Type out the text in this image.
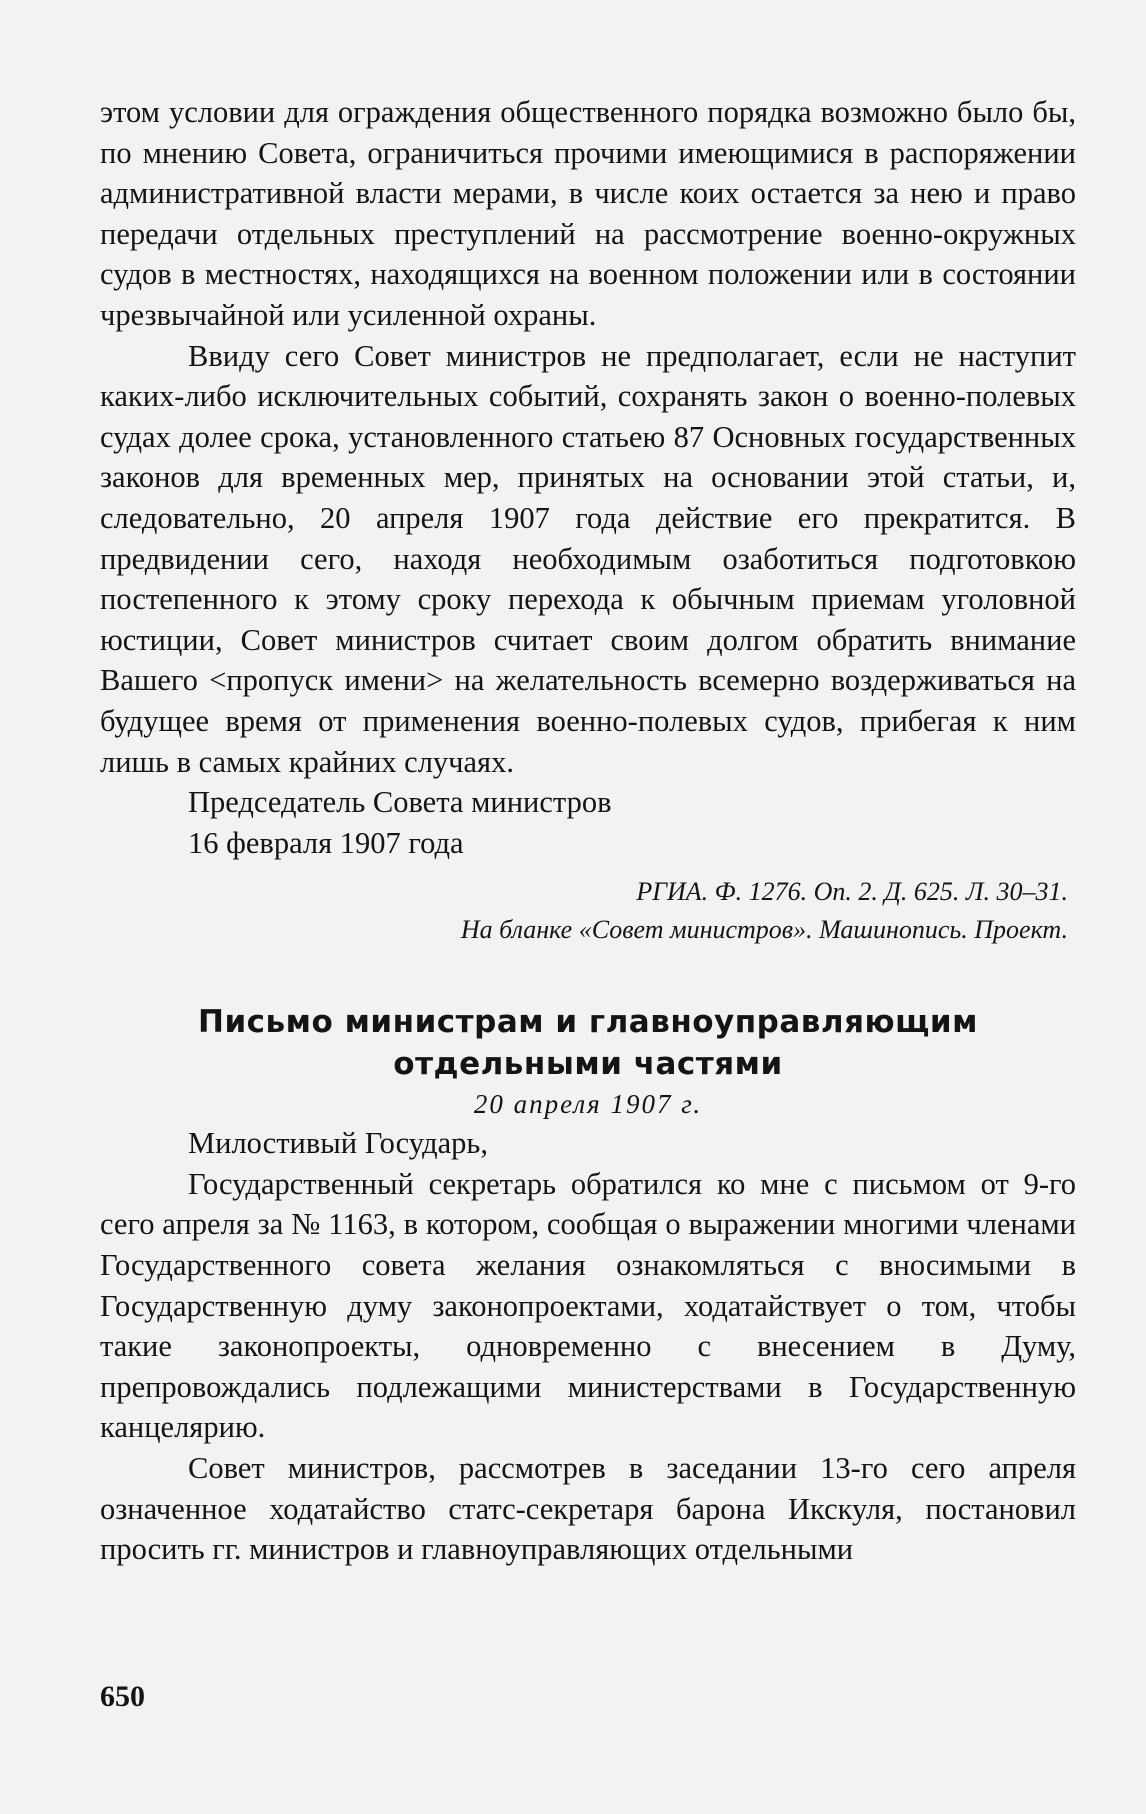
этом условии для ограждения общественного порядка возможно было бы, по мнению Совета, ограничиться прочими имеющимися в распоряжении административной власти мерами, в числе коих остается за нею и право передачи отдельных преступлений на рассмотрение военно-окружных судов в местностях, находящихся на военном положении или в состоянии чрезвычайной или усиленной охраны.

Ввиду сего Совет министров не предполагает, если не наступит каких-либо исключительных событий, сохранять закон о военно-полевых судах долее срока, установленного статьею 87 Основных государственных законов для временных мер, принятых на основании этой статьи, и, следовательно, 20 апреля 1907 года действие его прекратится. В предвидении сего, находя необходимым озаботиться подготовкою постепенного к этому сроку перехода к обычным приемам уголовной юстиции, Совет министров считает своим долгом обратить внимание Вашего <пропуск имени> на желательность всемерно воздерживаться на будущее время от применения военно-полевых судов, прибегая к ним лишь в самых крайних случаях.

Председатель Совета министров

16 февраля 1907 года

РГИА. Ф. 1276. Оп. 2. Д. 625. Л. 30–31.

На бланке «Совет министров». Машинопись. Проект.

Письмо министрам и главноуправляющим

отдельными частями

20 апреля 1907 г.

Милостивый Государь,

Государственный секретарь обратился ко мне с письмом от 9-го сего апреля за № 1163, в котором, сообщая о выражении многими членами Государственного совета желания ознакомляться с вносимыми в Государственную думу законопроектами, ходатайствует о том, чтобы такие законопроекты, одновременно с внесением в Думу, препровождались подлежащими министерствами в Государственную канцелярию.

Совет министров, рассмотрев в заседании 13-го сего апреля означенное ходатайство статс-секретаря барона Икскуля, постановил просить гг. министров и главноуправляющих отдельными

650
